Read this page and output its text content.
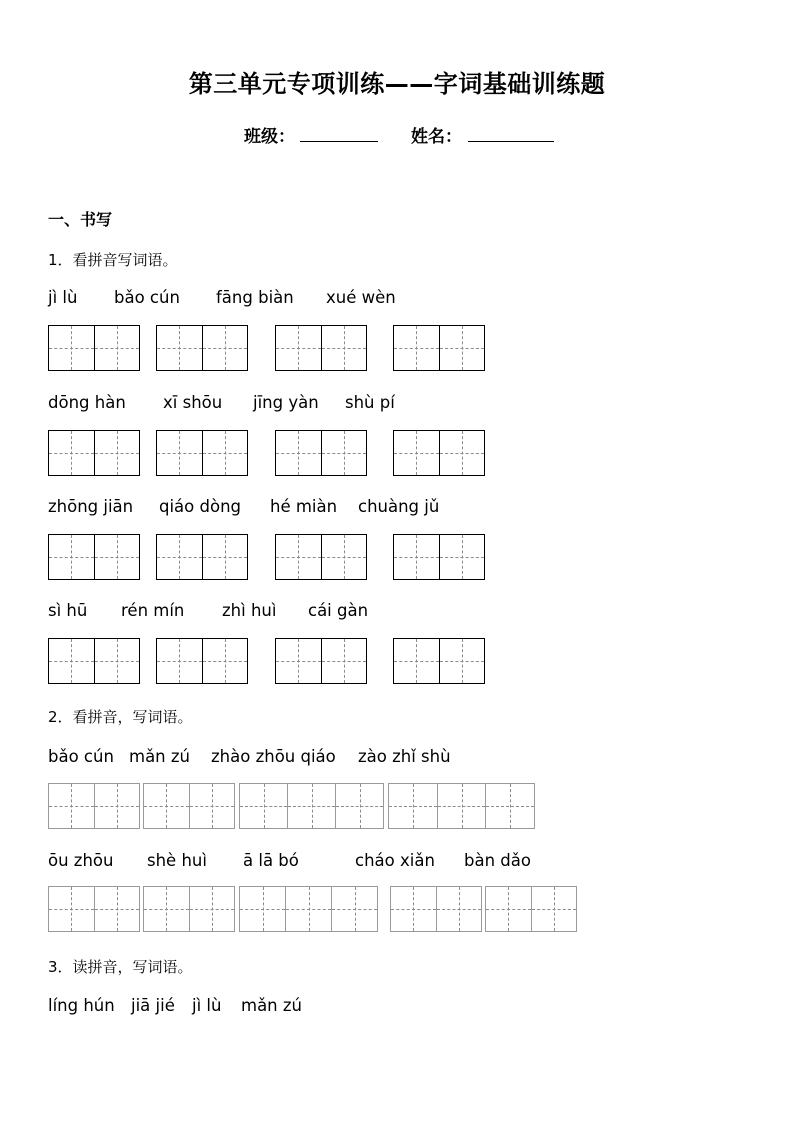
第三单元专项训练——字词基础训练题
班级：	姓名：
一、书写
1．看拼音写词语。
jì lù bǎo cún fāng biàn xué wèn
dōng hàn xī shōu jīng yàn shù pí
zhōng jiān qiáo dòng hé miàn chuàng jǔ
sì hū rén mín zhì huì cái gàn
2．看拼音，写词语。
bǎo cún mǎn zú zhào zhōu qiáo zào zhǐ shù
ōu zhōu shè huì ā lā bó	cháo xiǎn bàn dǎo
3．读拼音，写词语。
líng hún jiā jié jì lù mǎn zú
